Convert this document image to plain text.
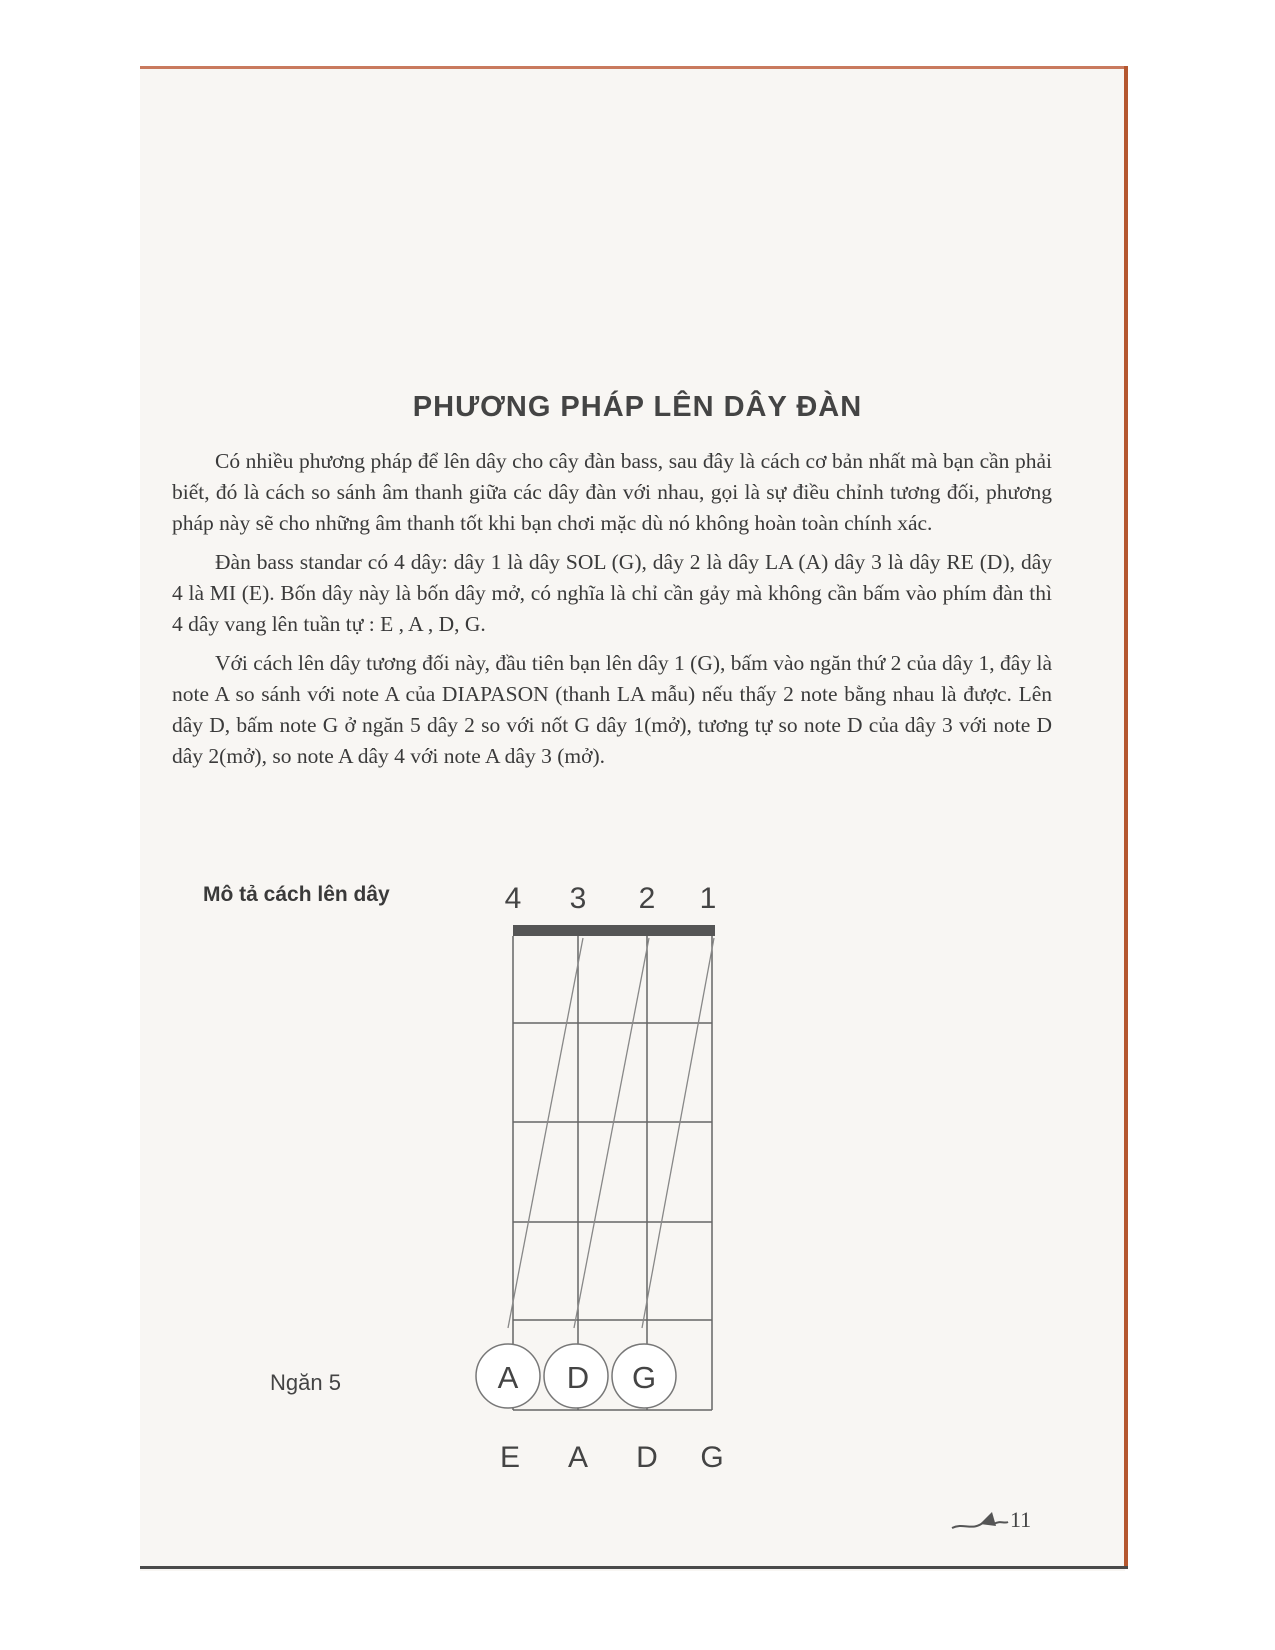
PHƯƠNG PHÁP LÊN DÂY ĐÀN

Có nhiều phương pháp để lên dây cho cây đàn bass, sau đây là cách cơ bản nhất mà bạn cần phải biết, đó là cách so sánh âm thanh giữa các dây đàn với nhau, gọi là sự điều chỉnh tương đối, phương pháp này sẽ cho những âm thanh tốt khi bạn chơi mặc dù nó không hoàn toàn chính xác.

Đàn bass standar có 4 dây: dây 1 là dây SOL (G), dây 2 là dây LA (A) dây 3 là dây RE (D), dây 4 là MI (E). Bốn dây này là bốn dây mở, có nghĩa là chỉ cần gảy mà không cần bấm vào phím đàn thì 4 dây vang lên tuần tự : E , A , D, G.

Với cách lên dây tương đối này, đầu tiên bạn lên dây 1 (G), bấm vào ngăn thứ 2 của dây 1, đây là note A so sánh với note A của DIAPASON (thanh LA mẫu) nếu thấy 2 note bằng nhau là được. Lên dây D, bấm note G ở ngăn 5 dây 2 so với nốt G dây 1(mở), tương tự so note D của dây 3 với note D dây 2(mở), so note A dây 4 với note A dây 3 (mở).

Mô tả cách lên dây	4 3 2 1
A D G
E A D G
Ngăn 5
11
